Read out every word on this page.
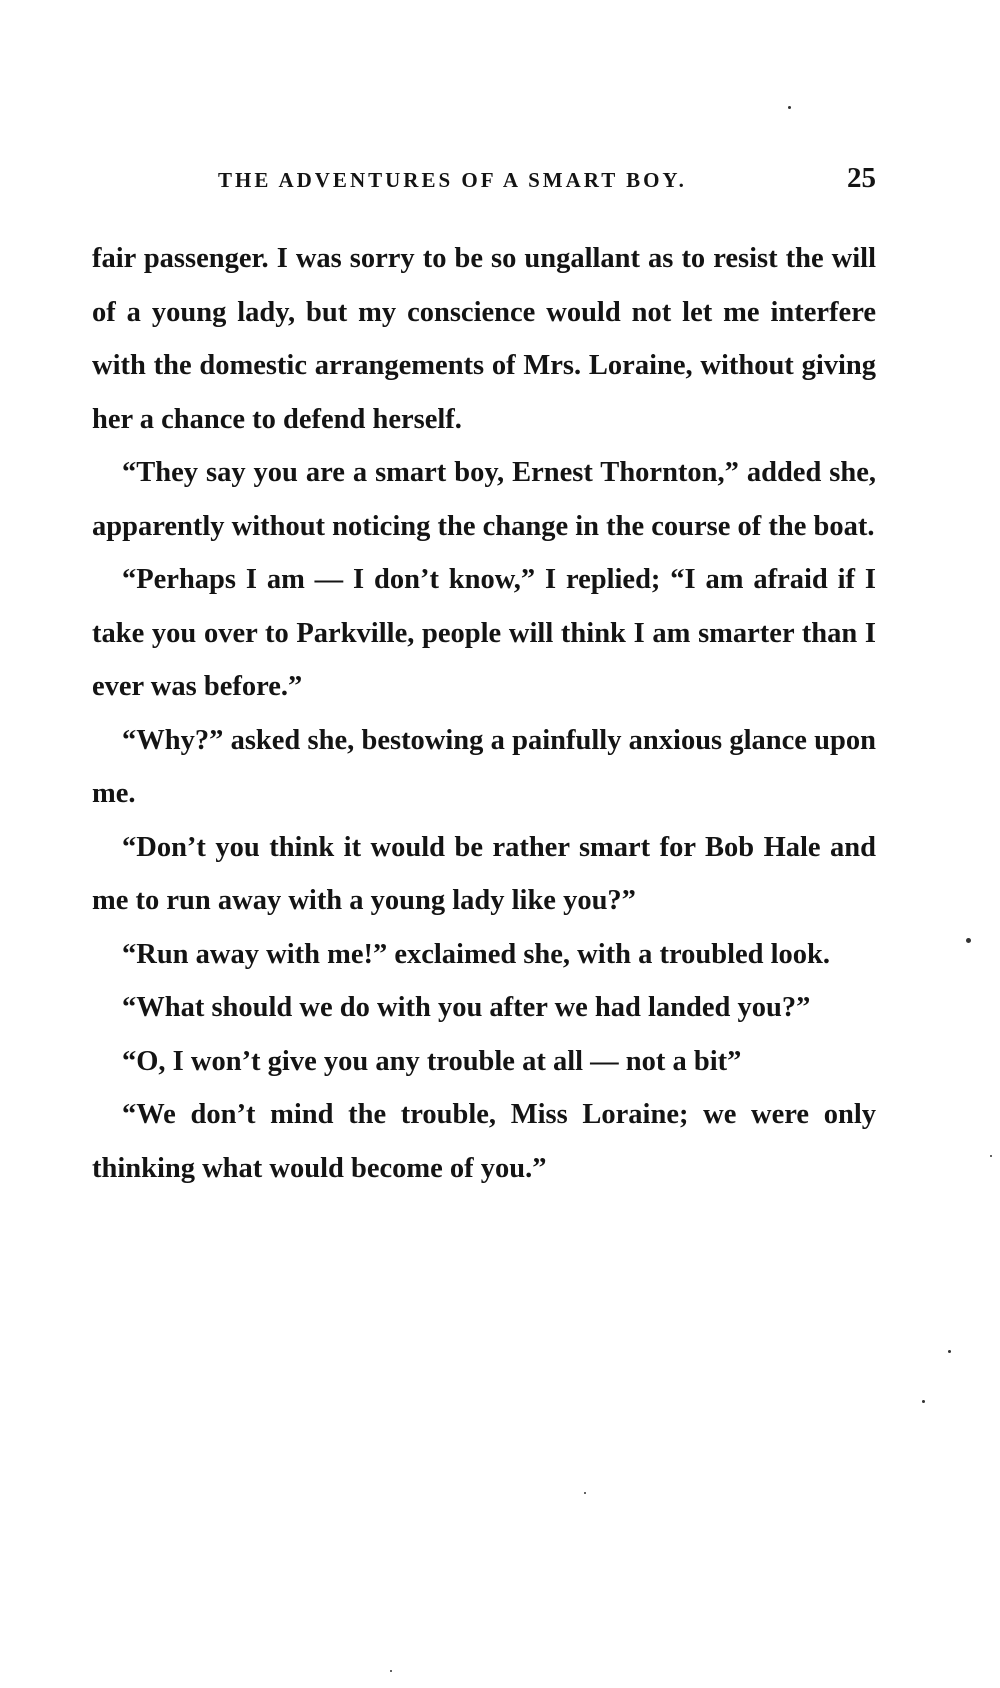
THE ADVENTURES OF A SMART BOY.	25

fair passenger. I was sorry to be so ungallant as to resist the will of a young lady, but my conscience would not let me interfere with the domestic arrangements of Mrs. Loraine, without giving her a chance to defend herself.

“They say you are a smart boy, Ernest Thornton,” added she, apparently without noticing the change in the course of the boat.

“Perhaps I am — I don’t know,” I replied; “I am afraid if I take you over to Parkville, people will think I am smarter than I ever was before.”

“Why?” asked she, bestowing a painfully anxious glance upon me.

“Don’t you think it would be rather smart for Bob Hale and me to run away with a young lady like you?”

“Run away with me!” exclaimed she, with a troubled look.

“What should we do with you after we had landed you?”

“O, I won’t give you any trouble at all — not a bit”

“We don’t mind the trouble, Miss Loraine; we were only thinking what would become of you.”
